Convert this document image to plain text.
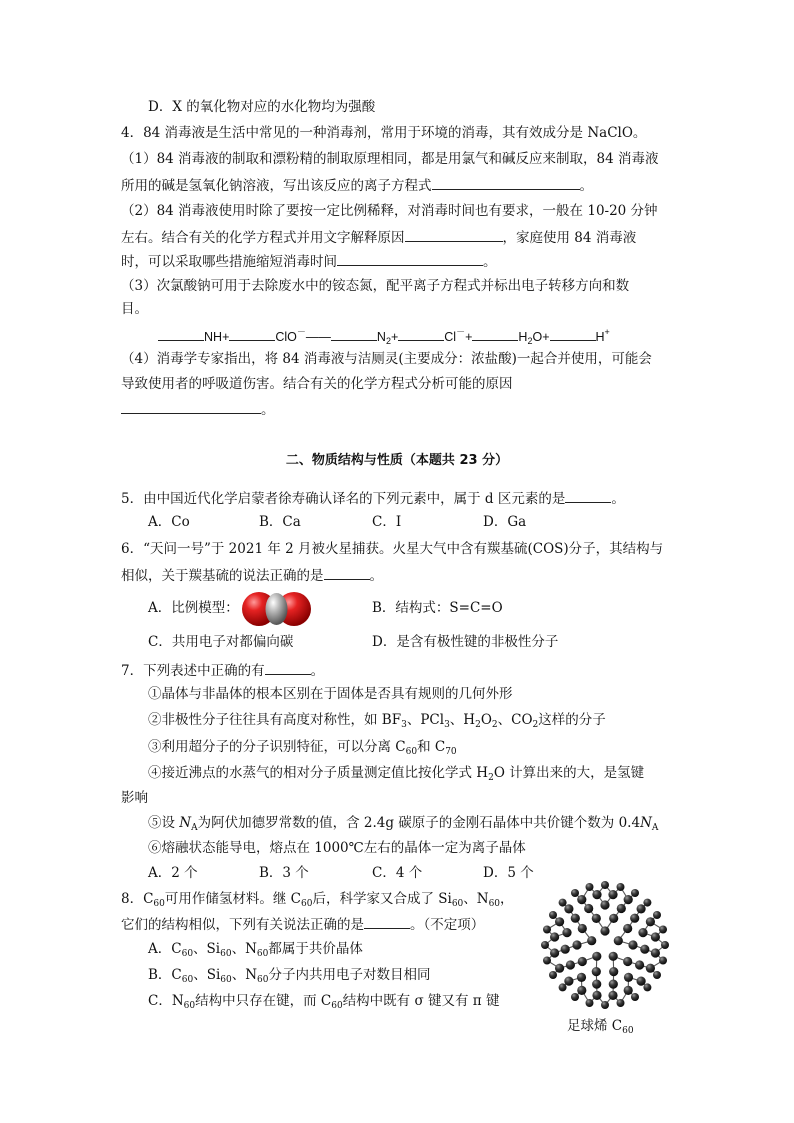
D．X 的氧化物对应的水化物均为强酸
4．84 消毒液是生活中常见的一种消毒剂，常用于环境的消毒，其有效成分是 NaClO。
（1）84 消毒液的制取和漂粉精的制取原理相同，都是用氯气和碱反应来制取，84 消毒液
所用的碱是氢氧化钠溶液，写出该反应的离子方程式	。
（2）84 消毒液使用时除了要按一定比例稀释，对消毒时间也有要求，一般在 10-20 分钟
左右。结合有关的化学方程式并用文字解释原因	，家庭使用 84 消毒液
时，可以采取哪些措施缩短消毒时间	。
（3）次氯酸钠可用于去除废水中的铵态氮，配平离子方程式并标出电子转移方向和数
目。
NH+	ClO－——	$N_2+$	Cl－+	$H_2O+$	H+
（4）消毒学专家指出，将 84 消毒液与洁厕灵(主要成分：浓盐酸)一起合并使用，可能会
导致使用者的呼吸道伤害。结合有关的化学方程式分析可能的原因
。
二、物质结构与性质（本题共 23 分）
5．由中国近代化学启蒙者徐寿确认译名的下列元素中，属于 d 区元素的是	。
A．Co	B．Ca	C．I	D．Ga
6．“天问一号”于 2021 年 2 月被火星捕获。火星大气中含有羰基硫(COS)分子，其结构与
相似，关于羰基硫的说法正确的是	。
A．比例模型：	B．结构式：S=C=O
C．共用电子对都偏向碳	D．是含有极性键的非极性分子
7．下列表述中正确的有	。
①晶体与非晶体的根本区别在于固体是否具有规则的几何外形
②非极性分子往往具有高度对称性，如 $BF_3$、PCl$_3$、$H_2O_2$、$CO_2$这样的分子
③利用超分子的分子识别特征，可以分离 $C_{60}$和 $C_{70}$
④接近沸点的水蒸气的相对分子质量测定值比按化学式 $H_2O$ 计算出来的大，是氢键
影响
⑤设 $N_A$为阿伏加德罗常数的值，含 2.4g 碳原子的金刚石晶体中共价键个数为 $0.4N_A$
⑥熔融状态能导电，熔点在 1000℃左右的晶体一定为离子晶体
A．2 个	B．3 个	C．4 个	D．5 个
8．$C_{60}$可用作储氢材料。继 $C_{60}$后，科学家又合成了 $Si_{60}$、$N_{60}$，
它们的结构相似，下列有关说法正确的是	。（不定项）
A．$C_{60}$、$Si_{60}$、$N_{60}$都属于共价晶体
B．$C_{60}$、$Si_{60}$、$N_{60}$分子内共用电子对数目相同
C．$N_{60}$结构中只存在键，而 $C_{60}$结构中既有 σ 键又有 π 键
足球烯 $C_{60}$
